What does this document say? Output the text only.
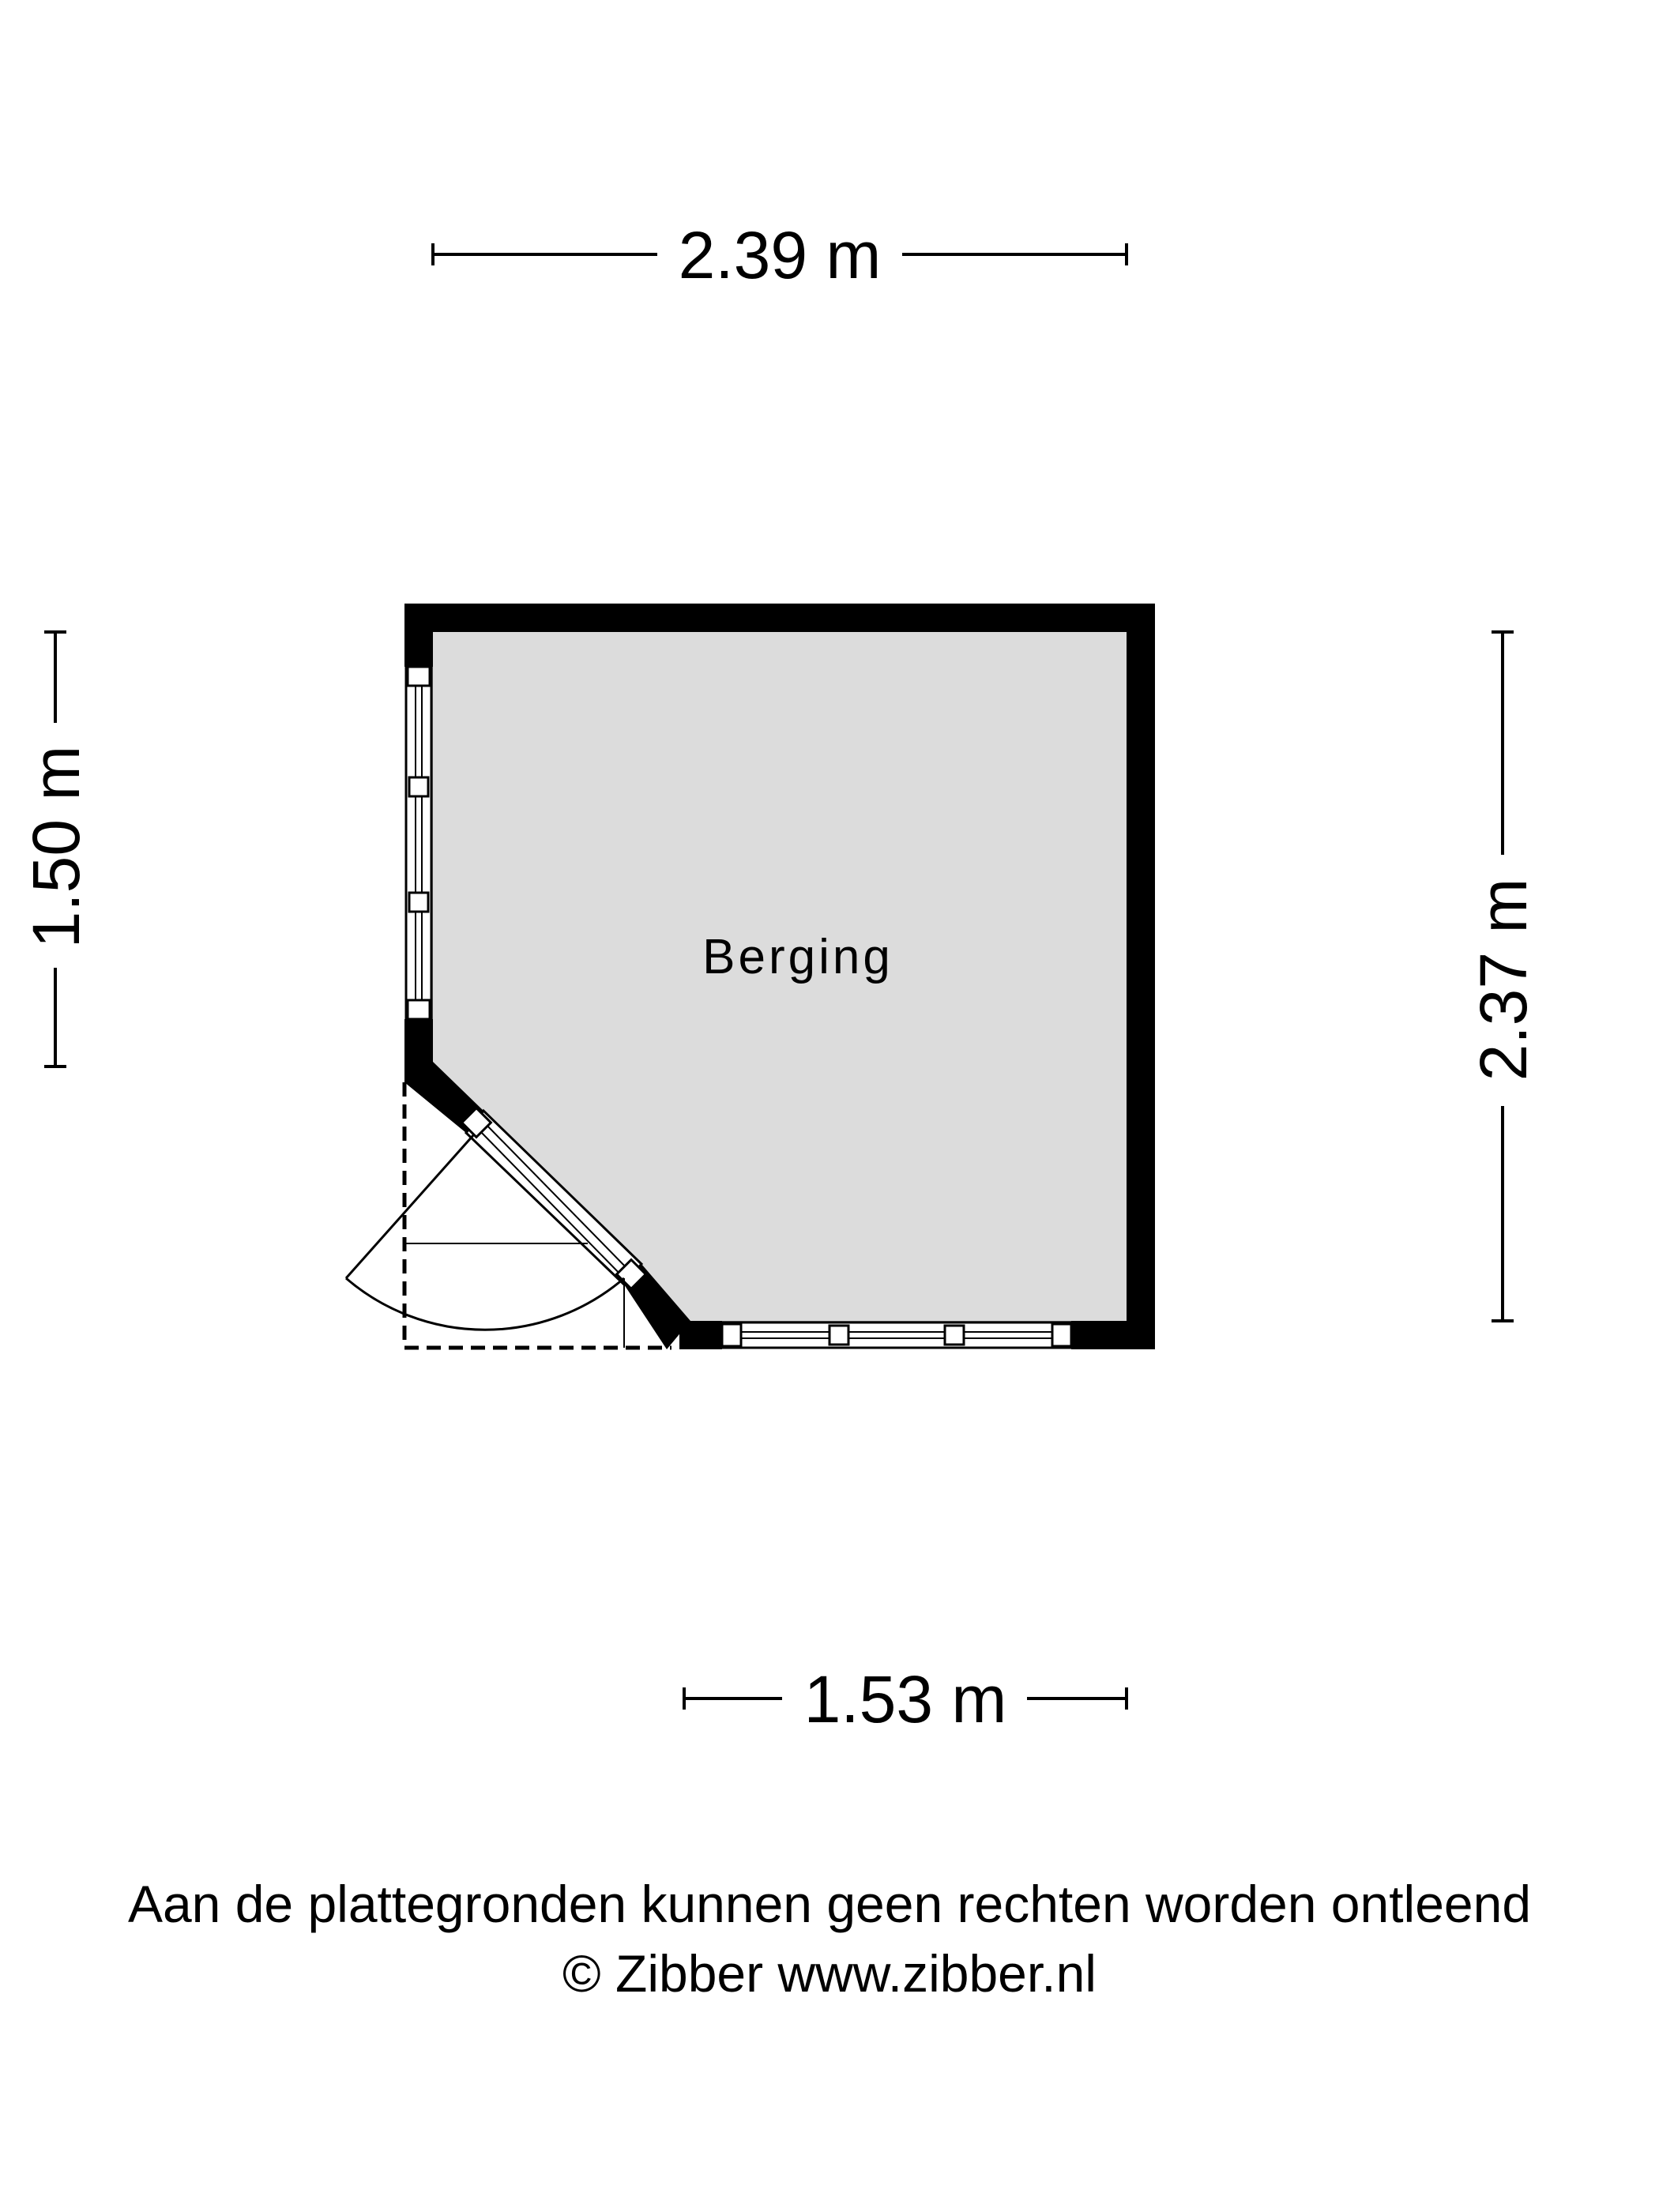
2.39 m
1.50 m
2.37 m
1.53 m
Berging
Aan de plattegronden kunnen geen rechten worden ontleend
© Zibber www.zibber.nl
